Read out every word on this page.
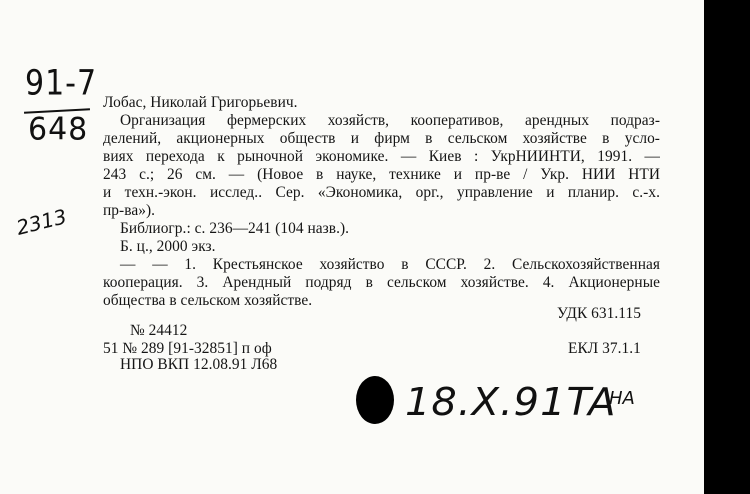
91-7
648
2313
Лобас, Николай Григорьевич.
Организация фермерских хозяйств, кооперативов, арендных подраз-
делений, акционерных обществ и фирм в сельском хозяйстве в усло-
виях перехода к рыночной экономике. — Киев : УкрНИИНТИ, 1991. —
243 с.; 26 см. — (Новое в науке, технике и пр-ве / Укр. НИИ НТИ
и техн.-экон. исслед.. Сер. «Экономика, орг., управление и планир. с.-х.
пр-ва»).
Библиогр.: с. 236—241 (104 назв.).
Б. ц., 2000 экз.
— — 1. Крестьянское хозяйство в СССР. 2. Сельскохозяйственная
кооперация. 3. Арендный подряд в сельском хозяйстве. 4. Акционерные
общества в сельском хозяйстве.
УДК 631.115
№ 24412
51 № 289 [91-32851] п оф	ЕКЛ 37.1.1
НПО ВКП 12.08.91 Л68
18.X.91TA
НА
